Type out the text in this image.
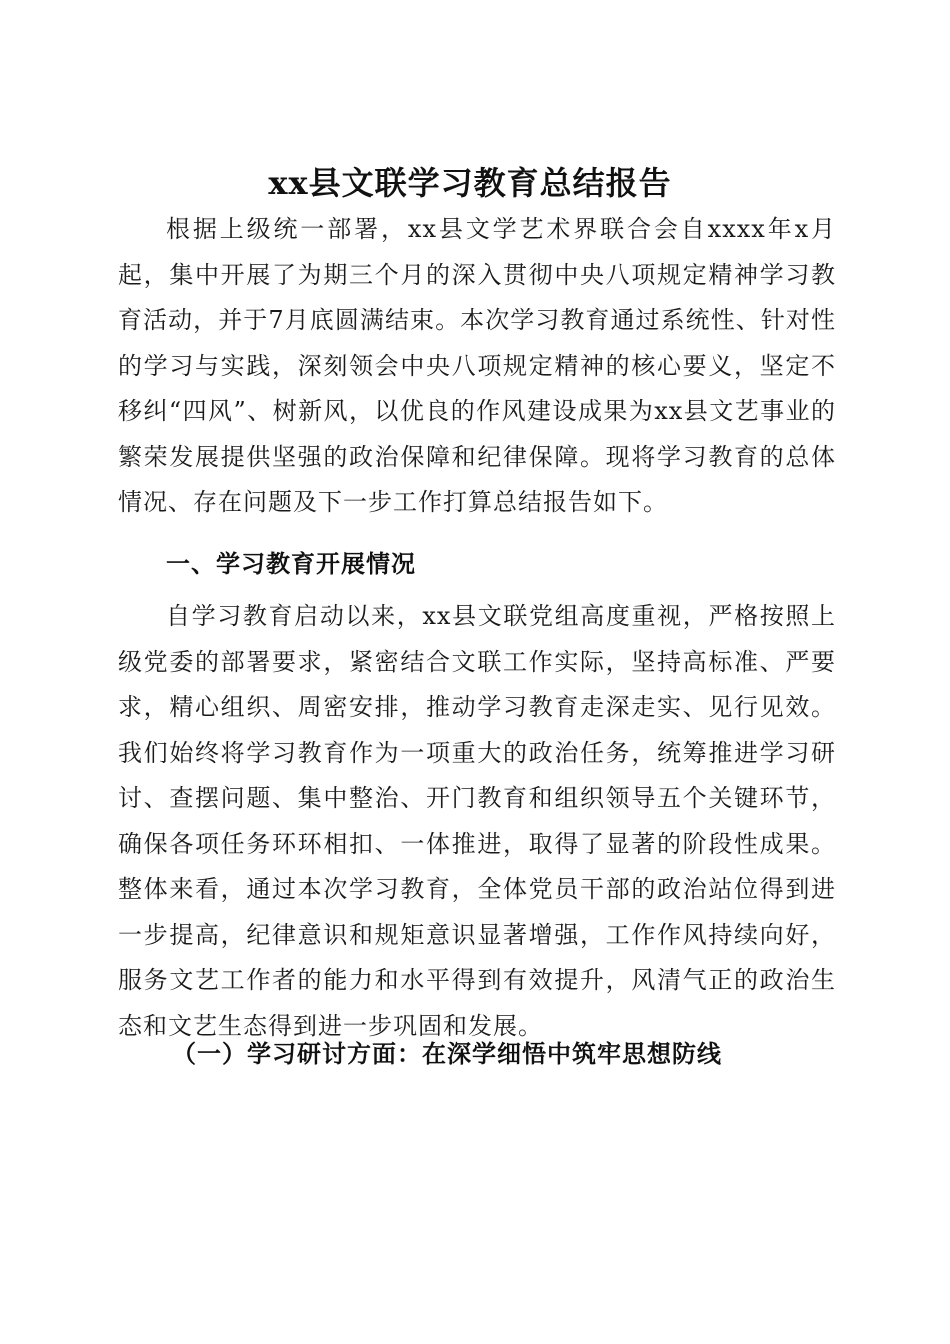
xx县文联学习教育总结报告

根据上级统一部署，xx县文学艺术界联合会自xxxx年x月起，集中开展了为期三个月的深入贯彻中央八项规定精神学习教育活动，并于7月底圆满结束。本次学习教育通过系统性、针对性的学习与实践，深刻领会中央八项规定精神的核心要义，坚定不移纠“四风”、树新风，以优良的作风建设成果为xx县文艺事业的繁荣发展提供坚强的政治保障和纪律保障。现将学习教育的总体情况、存在问题及下一步工作打算总结报告如下。

一、学习教育开展情况

自学习教育启动以来，xx县文联党组高度重视，严格按照上级党委的部署要求，紧密结合文联工作实际，坚持高标准、严要求，精心组织、周密安排，推动学习教育走深走实、见行见效。我们始终将学习教育作为一项重大的政治任务，统筹推进学习研讨、查摆问题、集中整治、开门教育和组织领导五个关键环节，确保各项任务环环相扣、一体推进，取得了显著的阶段性成果。整体来看，通过本次学习教育，全体党员干部的政治站位得到进一步提高，纪律意识和规矩意识显著增强，工作作风持续向好，服务文艺工作者的能力和水平得到有效提升，风清气正的政治生态和文艺生态得到进一步巩固和发展。

（一）学习研讨方面：在深学细悟中筑牢思想防线
